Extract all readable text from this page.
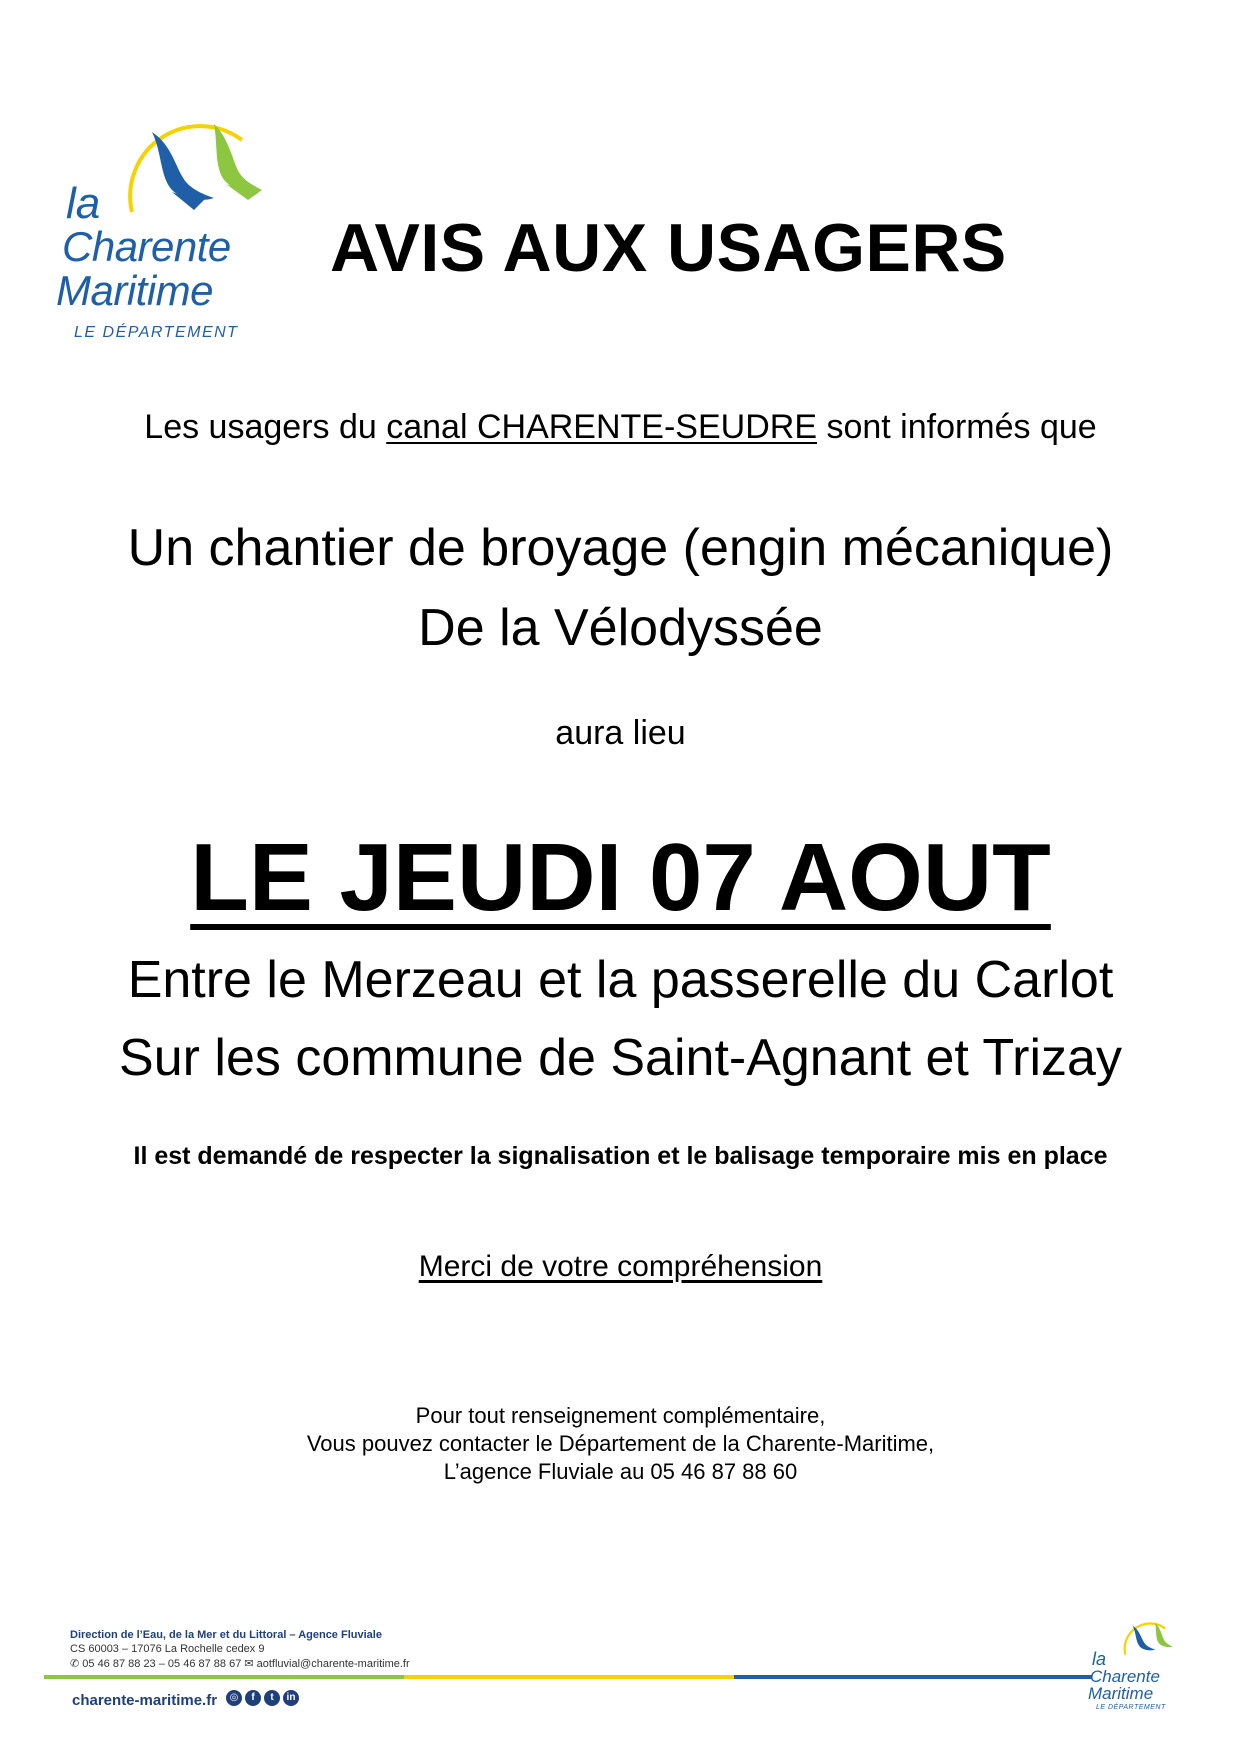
la
Charente
Maritime
LE DÉPARTEMENT
AVIS AUX USAGERS
Les usagers du canal CHARENTE-SEUDRE sont informés que
Un chantier de broyage (engin mécanique)
De la Vélodyssée
aura lieu
LE JEUDI 07 AOUT
Entre le Merzeau et la passerelle du Carlot
Sur les commune de Saint-Agnant et Trizay
Il est demandé de respecter la signalisation et le balisage temporaire mis en place
Merci de votre compréhension
Pour tout renseignement complémentaire,
Vous pouvez contacter le Département de la Charente-Maritime,
L’agence Fluviale au 05 46 87 88 60
Direction de l’Eau, de la Mer et du Littoral – Agence Fluviale
CS 60003 – 17076 La Rochelle cedex 9
✆ 05 46 87 88 23 – 05 46 87 88 67 ✉ aotfluvial@charente-maritime.fr
charente-maritime.fr	◎	f	t	in
la
Charente
Maritime
LE DÉPARTEMENT
